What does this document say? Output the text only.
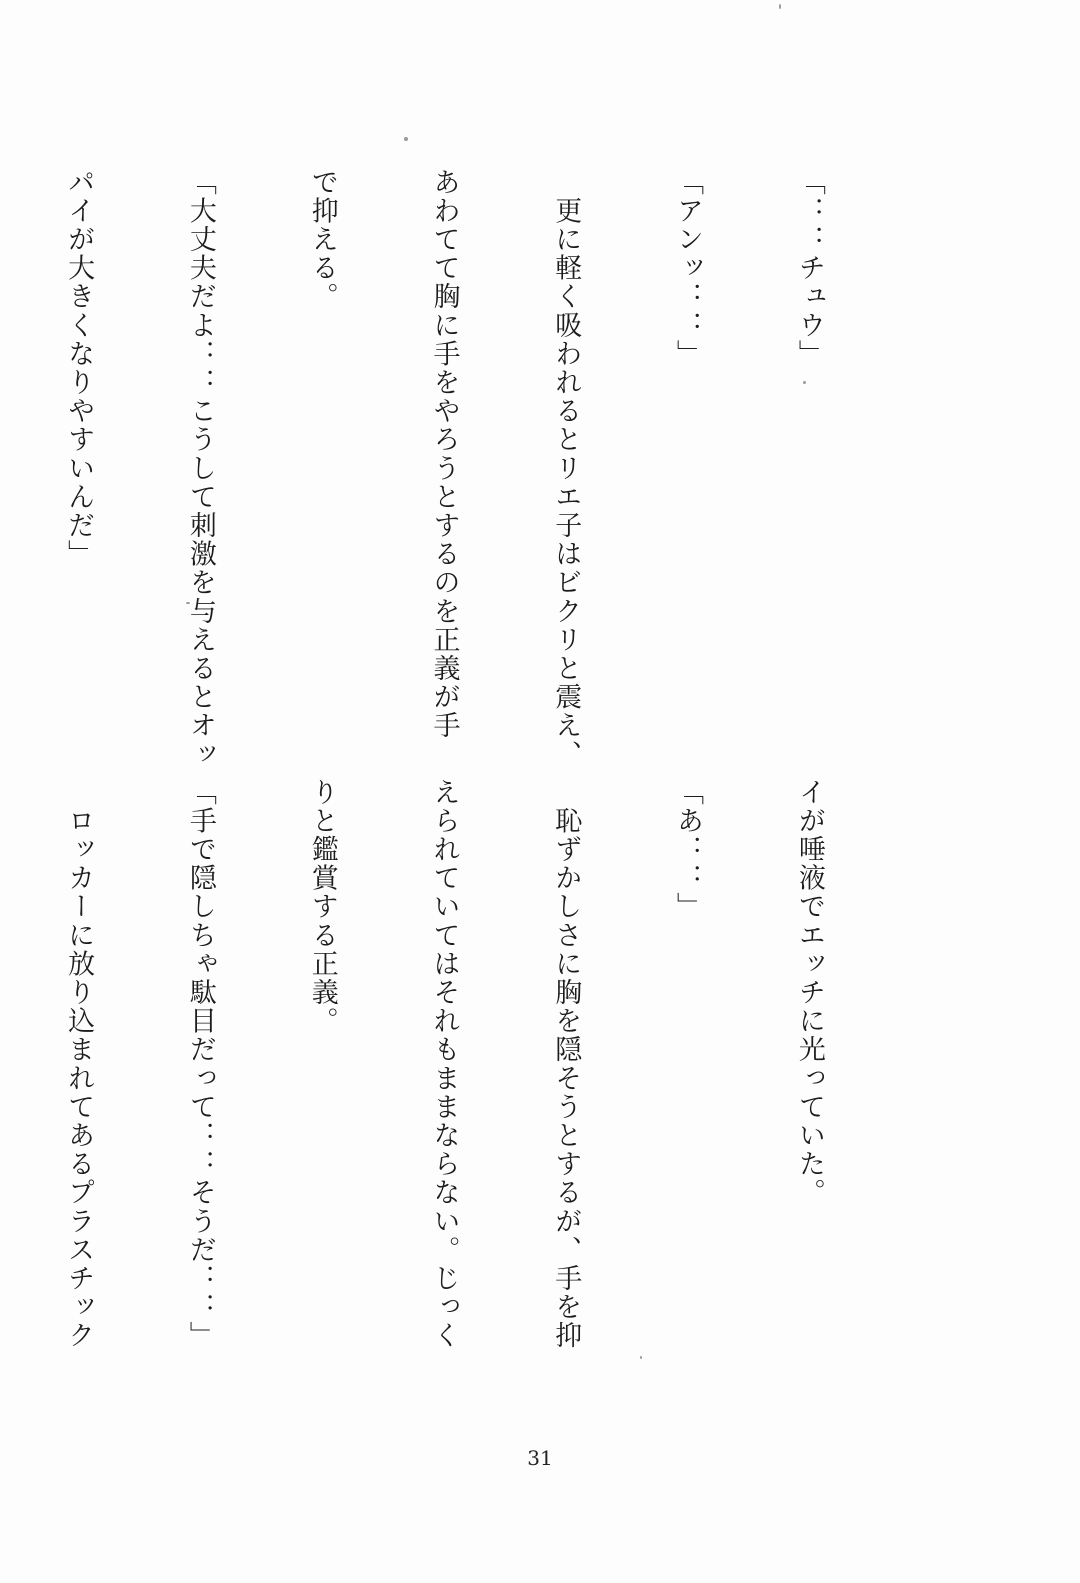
「：：チュウ」

「アンッ：：」

　更に軽く吸われるとリエ子はビクリと震え、

あわてて胸に手をやろうとするのを正義が手

で抑える。

「大丈夫だよ：：こうして刺激を与えるとオッ

パイが大きくなりやすいんだ」

イが唾液でエッチに光っていた。

「あ：：」

　恥ずかしさに胸を隠そうとするが、手を抑

えられていてはそれもままならない。じっく

りと鑑賞する正義。

「手で隠しちゃ駄目だって：：そうだ：：」

　ロッカーに放り込まれてあるプラスチック

31
